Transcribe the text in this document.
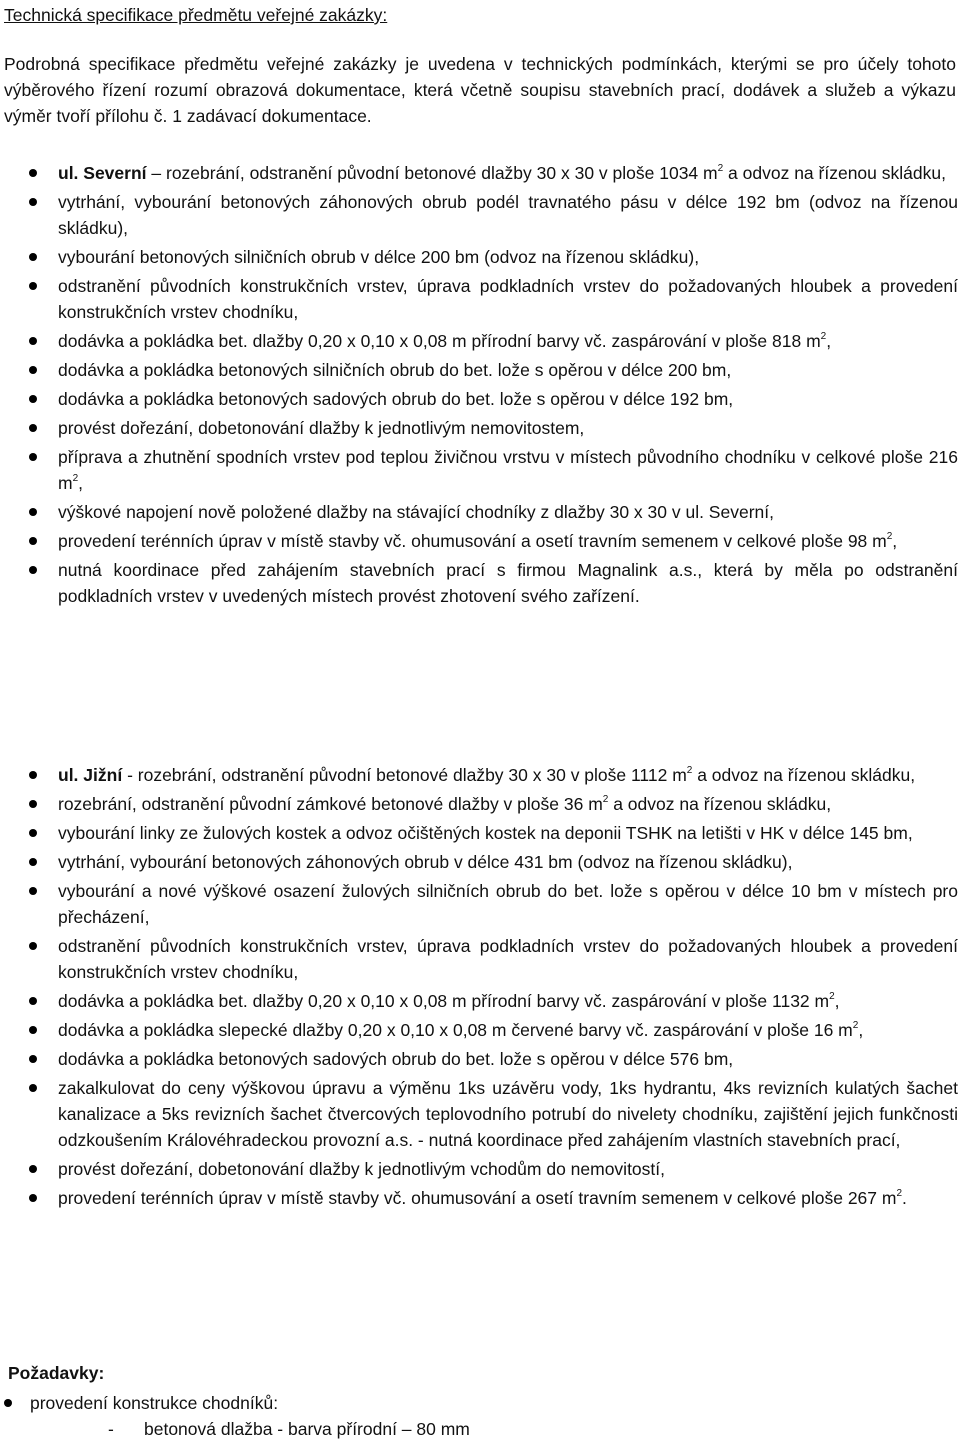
Technická specifikace předmětu veřejné zakázky:

Podrobná specifikace předmětu veřejné zakázky je uvedena v technických podmínkách, kterými se pro účely tohoto výběrového řízení rozumí obrazová dokumentace, která včetně soupisu stavebních prací, dodávek a služeb a výkazu výměr tvoří přílohu č. 1 zadávací dokumentace.

ul. Severní – rozebrání, odstranění původní betonové dlažby 30 x 30 v ploše 1034 $m^2$ a odvoz na řízenou skládku,
vytrhání, vybourání betonových záhonových obrub podél travnatého pásu v délce 192 bm (odvoz na řízenou skládku),
vybourání betonových silničních obrub v délce 200 bm (odvoz na řízenou skládku),
odstranění původních konstrukčních vrstev, úprava podkladních vrstev do požadovaných hloubek a provedení konstrukčních vrstev chodníku,
dodávka a pokládka bet. dlažby 0,20 x 0,10 x 0,08 m přírodní barvy vč. zaspárování v ploše 818 $m^2$,
dodávka a pokládka betonových silničních obrub do bet. lože s opěrou v délce 200 bm,
dodávka a pokládka betonových sadových obrub do bet. lože s opěrou v délce 192 bm,
provést dořezání, dobetonování dlažby k jednotlivým nemovitostem,
příprava a zhutnění spodních vrstev pod teplou živičnou vrstvu v místech původního chodníku v celkové ploše 216 $m^2$,
výškové napojení nově položené dlažby na stávající chodníky z dlažby 30 x 30 v ul. Severní,
provedení terénních úprav v místě stavby vč. ohumusování a osetí travním semenem v celkové ploše 98 $m^2$,
nutná koordinace před zahájením stavebních prací s firmou Magnalink a.s., která by měla po odstranění podkladních vrstev v uvedených místech provést zhotovení svého zařízení.
ul. Jižní - rozebrání, odstranění původní betonové dlažby 30 x 30 v ploše 1112 $m^2$ a odvoz na řízenou skládku,
rozebrání, odstranění původní zámkové betonové dlažby v ploše 36 $m^2$ a odvoz na řízenou skládku,
vybourání linky ze žulových kostek a odvoz očištěných kostek na deponii TSHK na letišti v HK v délce 145 bm,
vytrhání, vybourání betonových záhonových obrub v délce 431 bm (odvoz na řízenou skládku),
vybourání a nové výškové osazení žulových silničních obrub do bet. lože s opěrou v délce 10 bm v místech pro přecházení,
odstranění původních konstrukčních vrstev, úprava podkladních vrstev do požadovaných hloubek a provedení konstrukčních vrstev chodníku,
dodávka a pokládka bet. dlažby 0,20 x 0,10 x 0,08 m přírodní barvy vč. zaspárování v ploše 1132 $m^2$,
dodávka a pokládka slepecké dlažby 0,20 x 0,10 x 0,08 m červené barvy vč. zaspárování v ploše 16 $m^2$,
dodávka a pokládka betonových sadových obrub do bet. lože s opěrou v délce 576 bm,
zakalkulovat do ceny výškovou úpravu a výměnu 1ks uzávěru vody, 1ks hydrantu, 4ks revizních kulatých šachet kanalizace a 5ks revizních šachet čtvercových teplovodního potrubí do nivelety chodníku, zajištění jejich funkčnosti odzkoušením Královéhradeckou provozní a.s. - nutná koordinace před zahájením vlastních stavebních prací,
provést dořezání, dobetonování dlažby k jednotlivým vchodům do nemovitostí,
provedení terénních úprav v místě stavby vč. ohumusování a osetí travním semenem v celkové ploše 267 $m^2$.

Požadavky:

provedení konstrukce chodníků:
- betonová dlažba - barva přírodní – 80 mm
